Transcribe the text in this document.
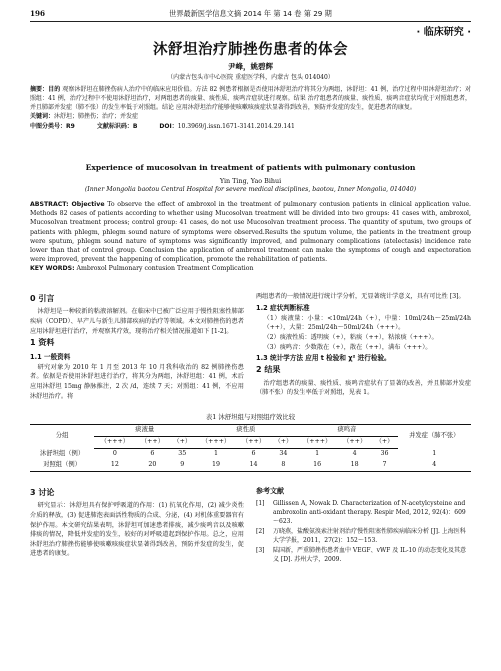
196	世界最新医学信息文摘 2014 年 第 14 卷 第 29 期
· 临床研究 ·
沐舒坦治疗肺挫伤患者的体会
尹峰，姚碧辉
（内蒙古包头市中心医院 重症医学科，内蒙古 包头 014040）
摘要：目的 观察沐舒坦在肺挫伤病人治疗中的临床应用价值。方法 82 例患者根据是否使用沐舒坦治疗将其分为两组，沐舒坦：41 例，治疗过程中用沐舒坦治疗；对照组：41 例，治疗过程中不使用沐舒坦治疗，对两组患者的痰量、痰性质、痰鸣音症状进行观察。结果 治疗组患者的痰量、痰性质、痰鸣音症状均优于对照组患者，并且肺部并发症（肺不张）的发生率低于对照组。结论 应用沐舒坦治疗能够使咳嗽咳痰症状显著得到改善，预防并发症的发生，促进患者的康复。
关键词：沐舒坦；肺挫伤；治疗；并发症
中图分类号：R9	文献标识码：B	DOI：10.3969/j.issn.1671-3141.2014.29.141
Experience of mucosolvan in treatment of patients with pulmonary contusion
Yin Ting, Yao Bihui
(Inner Mongolia baotou Central Hospital for severe medical disciplines, baotou, Inner Mongolia, 014040)
ABSTRACT: Objective To observe the effect of ambroxol in the treatment of pulmonary contusion patients in clinical application value. Methods 82 cases of patients according to whether using Mucosolvan treatment will be divided into two groups: 41 cases with, ambroxol, Mucosolvan treatment process; control group: 41 cases, do not use Mucosolvan treatment process. The quantity of sputum, two groups of patients with phlegm, phlegm sound nature of symptoms were observed.Results the sputum volume, the patients in the treatment group were sputum, phlegm sound nature of symptoms was significantly improved, and pulmonary complications (atelectasis) incidence rate lower than that of control group. Conclusion the application of ambroxol treatment can make the symptoms of cough and expectoration were improved, prevent the happening of complication, promote the rehabilitation of patients.
KEY WORDS: Ambroxol Pulmonary contusion Treatment Complication
0 引言
沐舒坦是一种较新的粘液溶解剂。在临床中已被广泛应用于慢性阻塞性肺部疾病（COPD）、早产儿与新生儿肺部疾病的治疗等领域。本文对肺挫伤的患者应用沐舒坦进行治疗，并观察其疗效，现将治疗相关情况报道如下 [1-2]。
1 资料
1.1 一般资料
研究对象为 2010 年 1 月至 2013 年 10 月我科收治的 82 例肺挫伤患者。依据是否使用沐舒坦进行治疗，将其分为两组，沐舒坦组：41 例，术后应用沐舒坦 15mg 静脉推注，2 次 /d，连续 7 天；对照组：41 例，不应用沐舒坦治疗。将
两组患者的一般情况进行统计学分析，无显著统计学意义，具有可比性 [3]。
1.2 症状判断标准
（1）痰液量：小量：<10ml/24h（+），中量：10ml/24h～25ml/24h（++），大量：25ml/24h～50ml/24h（+++）。
（2）痰液性质：透明痰（+），粘痰（++），粘浓痰（+++）。
（3）痰鸣音：少数散在（+），散在（++），满布（+++）。
1.3 统计学方法 应用 t 检验和 χ² 进行检验。
2 结果
治疗组患者的痰量、痰性质、痰鸣音症状有了显著的改善，并且肺部并发症（肺不张）的发生率低于对照组，见表 1。
表1 沐舒坦组与对照组疗效比较
分组	痰液量			痰性质			痰鸣音			并发症（肺不张）
	（+++）	（++）	（+）	（+++）	（++）	（+）	（+++）	（++）	（+）	
沐舒坦组（例）	0	6	35	1	6	34	1	4	36	1
对照组（例）	12	20	9	19	14	8	16	18	7	4
3 讨论
研究显示：沐舒坦具有保护呼吸道的作用：(1) 抗氧化作用，(2) 减少炎性介质的释放，(3) 促进肺泡表面活性物质的合成、分泌，(4) 对机体重要器官有保护作用。本文研究结果表明，沐舒坦可加速患者排痰，减少痰鸣音以及咳嗽排痰的情况，降低并发症的发生，较好的对呼吸道起到保护作用。总之，应用沐舒坦治疗肺挫伤能够使咳嗽咳痰症状显著得到改善，预防并发症的发生，促进患者的康复。
参考文献
[1]	Gillissen A, Nowak D. Characterization of N-acetylcysteine and ambroxolin anti-oxidant therapy. Respir Med, 2012, 92(4)：609～623.
[2]	万晓燕，盐酸氨溴索注射剂治疗慢性阻塞性肺疾病临床分析 [J]. 上海医科大学学报，2011，27(2)：152～153.
[3]	陆国新，严重肺挫伤患者血中 VEGF、vWF 及 IL-10 的动态变化及其意义 [D]. 苏州大学，2009.
